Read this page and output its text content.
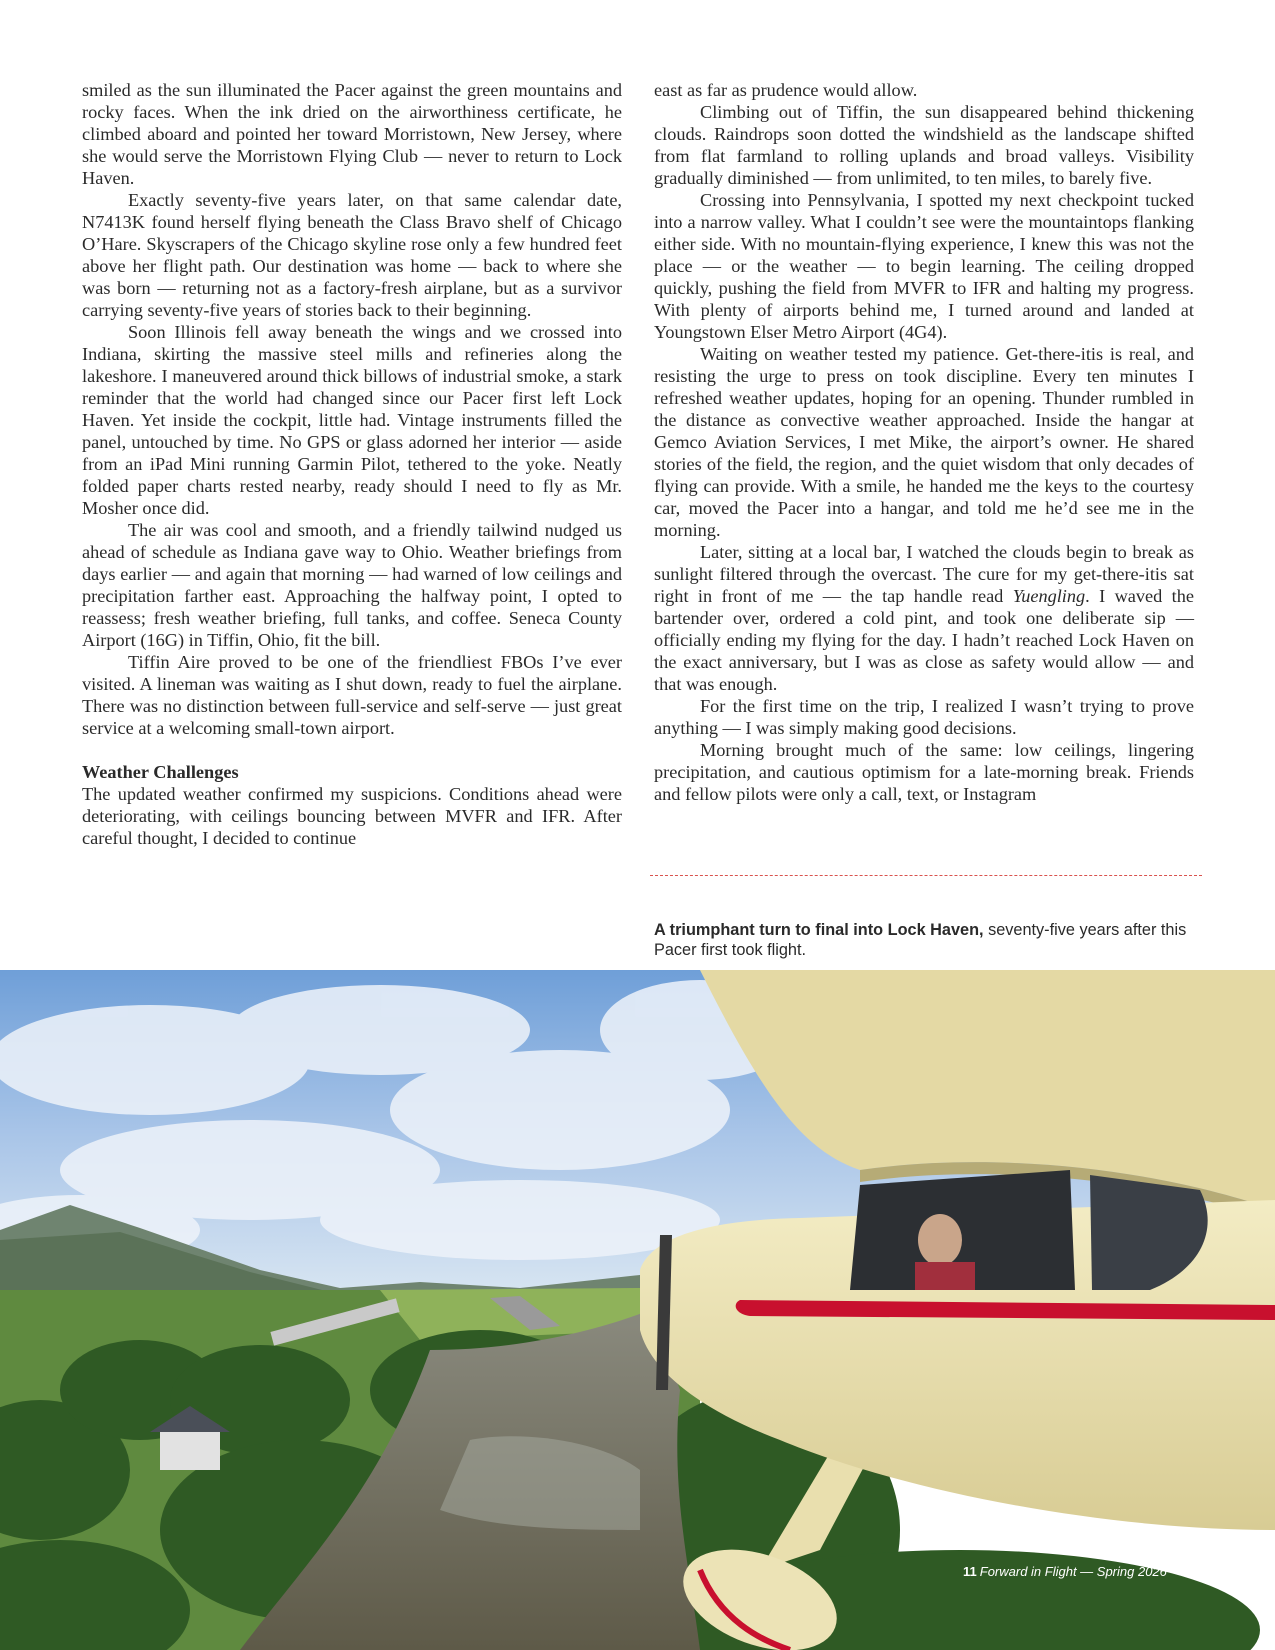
smiled as the sun illuminated the Pacer against the green mountains and rocky faces. When the ink dried on the airworthiness certificate, he climbed aboard and pointed her toward Morristown, New Jersey, where she would serve the Morristown Flying Club — never to return to Lock Haven.

Exactly seventy-five years later, on that same calendar date, N7413K found herself flying beneath the Class Bravo shelf of Chicago O’Hare. Skyscrapers of the Chicago skyline rose only a few hundred feet above her flight path. Our destination was home — back to where she was born — returning not as a factory-fresh airplane, but as a survivor carrying seventy-five years of stories back to their beginning.

Soon Illinois fell away beneath the wings and we crossed into Indiana, skirting the massive steel mills and refineries along the lakeshore. I maneuvered around thick billows of industrial smoke, a stark reminder that the world had changed since our Pacer first left Lock Haven. Yet inside the cockpit, little had. Vintage instruments filled the panel, untouched by time. No GPS or glass adorned her interior — aside from an iPad Mini running Garmin Pilot, tethered to the yoke. Neatly folded paper charts rested nearby, ready should I need to fly as Mr. Mosher once did.

The air was cool and smooth, and a friendly tailwind nudged us ahead of schedule as Indiana gave way to Ohio. Weather briefings from days earlier — and again that morning — had warned of low ceilings and precipitation farther east. Approaching the halfway point, I opted to reassess; fresh weather briefing, full tanks, and coffee. Seneca County Airport (16G) in Tiffin, Ohio, fit the bill.

Tiffin Aire proved to be one of the friendliest FBOs I’ve ever visited. A lineman was waiting as I shut down, ready to fuel the airplane. There was no distinction between full-service and self-serve — just great service at a welcoming small-town airport.

Weather Challenges

The updated weather confirmed my suspicions. Conditions ahead were deteriorating, with ceilings bouncing between MVFR and IFR. After careful thought, I decided to continue

east as far as prudence would allow.

Climbing out of Tiffin, the sun disappeared behind thickening clouds. Raindrops soon dotted the windshield as the landscape shifted from flat farmland to rolling uplands and broad valleys. Visibility gradually diminished — from unlimited, to ten miles, to barely five.

Crossing into Pennsylvania, I spotted my next checkpoint tucked into a narrow valley. What I couldn’t see were the mountaintops flanking either side. With no mountain-flying experience, I knew this was not the place — or the weather — to begin learning. The ceiling dropped quickly, pushing the field from MVFR to IFR and halting my progress. With plenty of airports behind me, I turned around and landed at Youngstown Elser Metro Airport (4G4).

Waiting on weather tested my patience. Get-there-itis is real, and resisting the urge to press on took discipline. Every ten minutes I refreshed weather updates, hoping for an opening. Thunder rumbled in the distance as convective weather approached. Inside the hangar at Gemco Aviation Services, I met Mike, the airport’s owner. He shared stories of the field, the region, and the quiet wisdom that only decades of flying can provide. With a smile, he handed me the keys to the courtesy car, moved the Pacer into a hangar, and told me he’d see me in the morning.

Later, sitting at a local bar, I watched the clouds begin to break as sunlight filtered through the overcast. The cure for my get-there-itis sat right in front of me — the tap handle read Yuengling. I waved the bartender over, ordered a cold pint, and took one deliberate sip — officially ending my flying for the day. I hadn’t reached Lock Haven on the exact anniversary, but I was as close as safety would allow — and that was enough.

For the first time on the trip, I realized I wasn’t trying to prove anything — I was simply making good decisions.

Morning brought much of the same: low ceilings, lingering precipitation, and cautious optimism for a late-morning break. Friends and fellow pilots were only a call, text, or Instagram

A triumphant turn to final into Lock Haven, seventy-five years after this Pacer first took flight.
11 Forward in Flight — Spring 2026
